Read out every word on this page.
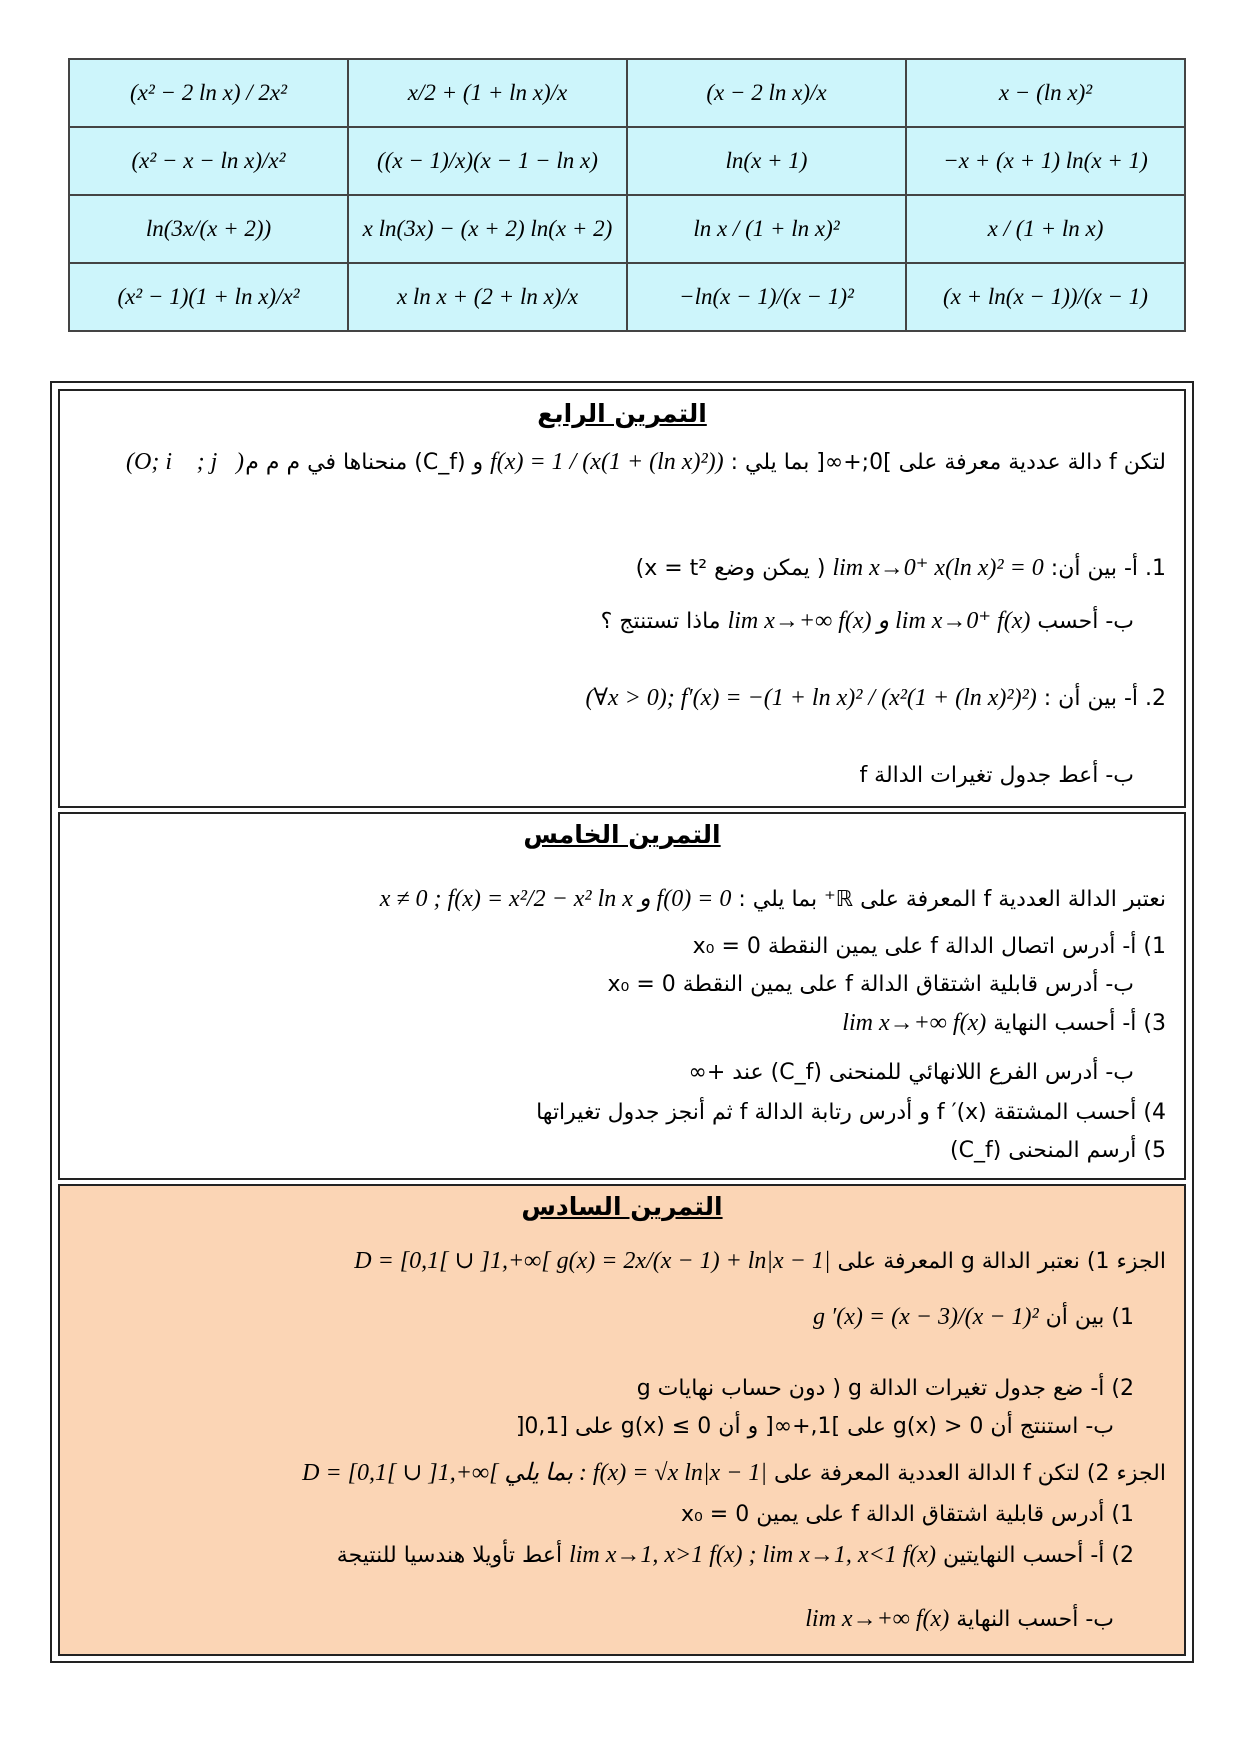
(x² − 2 ln x) / 2x²	x/2 + (1 + ln x)/x	(x − 2 ln x)/x	x − (ln x)²
(x² − x − ln x)/x²	((x − 1)/x)(x − 1 − ln x)	ln(x + 1)	−x + (x + 1) ln(x + 1)
ln(3x/(x + 2))	x ln(3x) − (x + 2) ln(x + 2)	ln x / (1 + ln x)²	x / (1 + ln x)
(x² − 1)(1 + ln x)/x²	x ln x + (2 + ln x)/x	−ln(x − 1)/(x − 1)²	(x + ln(x − 1))/(x − 1)
التمرين الرابع
لتكن f دالة عددية معرفة على ]0;+∞[ بما يلي : f(x) = 1 / (x(1 + (ln x)²)) و (C_f) منحناها في م م م
(O; i⃗ ; j⃗)
1. أ- بين أن: lim x→0⁺ x(ln x)² = 0 ( يمكن وضع x = t²)
ب- أحسب lim x→+∞ f(x) و lim x→0⁺ f(x) ماذا تستنتج ؟
2. أ- بين أن : (∀x > 0); f′(x) = −(1 + ln x)² / (x²(1 + (ln x)²)²)
ب- أعط جدول تغيرات الدالة f
التمرين الخامس
نعتبر الدالة العددية f المعرفة على ℝ⁺ بما يلي : x ≠ 0 ; f(x) = x²/2 − x² ln x و f(0) = 0
1) أ- أدرس اتصال الدالة f على يمين النقطة x₀ = 0
ب- أدرس قابلية اشتقاق الدالة f على يمين النقطة x₀ = 0
3) أ- أحسب النهاية lim x→+∞ f(x)
ب- أدرس الفرع اللانهائي للمنحنى (C_f) عند +∞
4) أحسب المشتقة f ′(x) و أدرس رتابة الدالة f ثم أنجز جدول تغيراتها
5) أرسم المنحنى (C_f)
التمرين السادس
الجزء 1) نعتبر الدالة g المعرفة على D = [0,1[ ∪ ]1,+∞[ g(x) = 2x/(x − 1) + ln|x − 1|
1) بين أن g ′(x) = (x − 3)/(x − 1)²
2) أ- ضع جدول تغيرات الدالة g ( دون حساب نهايات g
ب- استنتج أن g(x) > 0 على ]1,+∞[ و أن g(x) ≤ 0 على [0,1[
الجزء 2) لتكن f الدالة العددية المعرفة على D = [0,1[ ∪ ]1,+∞[ بما يلي : f(x) = √x ln|x − 1|
1) أدرس قابلية اشتقاق الدالة f على يمين x₀ = 0
2) أ- أحسب النهايتين lim x→1, x>1 f(x) ; lim x→1, x<1 f(x) أعط تأويلا هندسيا للنتيجة
ب- أحسب النهاية lim x→+∞ f(x)
